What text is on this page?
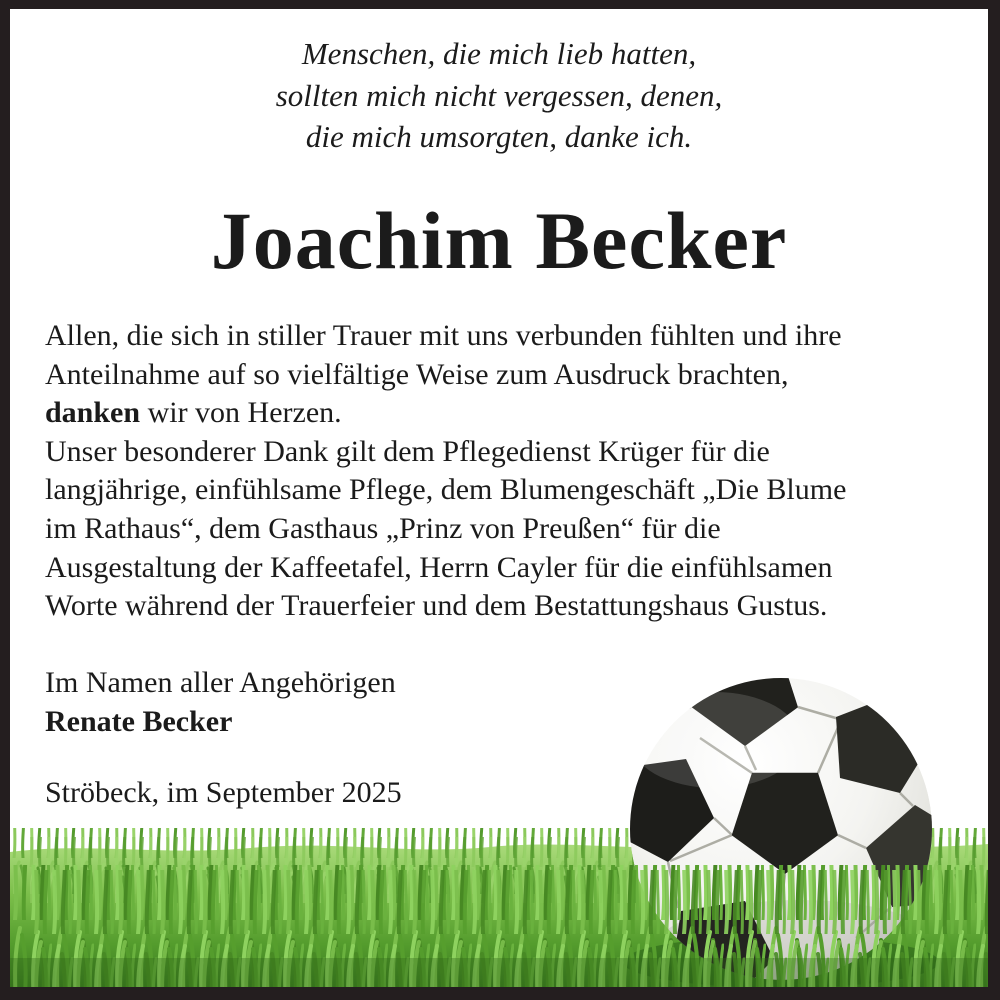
Menschen, die mich lieb hatten,
sollten mich nicht vergessen, denen,
die mich umsorgten, danke ich.
Joachim Becker
Allen, die sich in stiller Trauer mit uns verbunden fühlten und ihre
Anteilnahme auf so vielfältige Weise zum Ausdruck brachten,
danken wir von Herzen.
Unser besonderer Dank gilt dem Pflegedienst Krüger für die
langjährige, einfühlsame Pflege, dem Blumengeschäft „Die Blume
im Rathaus“, dem Gasthaus „Prinz von Preußen“ für die
Ausgestaltung der Kaffeetafel, Herrn Cayler für die einfühlsamen
Worte während der Trauerfeier und dem Bestattungshaus Gustus.
Im Namen aller Angehörigen
Renate Becker
Ströbeck, im September 2025
